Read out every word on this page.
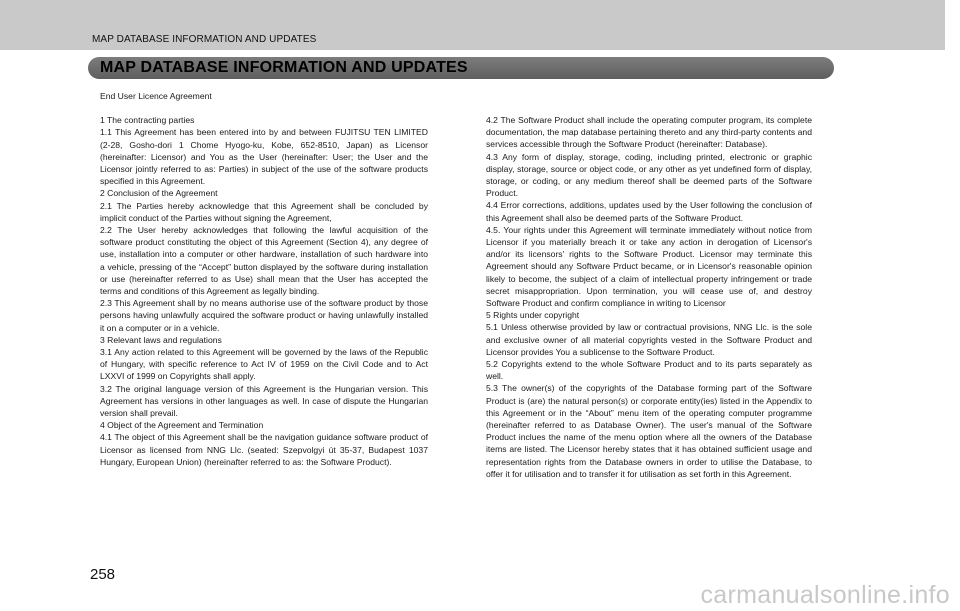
MAP DATABASE INFORMATION AND UPDATES
MAP DATABASE INFORMATION AND UPDATES

End User Licence Agreement

1 The contracting parties

1.1 This Agreement has been entered into by and between FUJITSU TEN LIMITED (2-28, Gosho-dori 1 Chome Hyogo-ku, Kobe, 652-8510, Japan) as Licensor (hereinafter: Licensor) and You as the User (hereinafter: User; the User and the Licensor jointly referred to as: Parties) in subject of the use of the software products specified in this Agreement.

2 Conclusion of the Agreement

2.1 The Parties hereby acknowledge that this Agreement shall be concluded by implicit conduct of the Parties without signing the Agreement,

2.2 The User hereby acknowledges that following the lawful acquisition of the software product constituting the object of this Agreement (Section 4), any degree of use, installation into a computer or other hardware, installation of such hardware into a vehicle, pressing of the “Accept” button displayed by the software during installation or use (hereinafter referred to as Use) shall mean that the User has accepted the terms and conditions of this Agreement as legally binding.

2.3 This Agreement shall by no means authorise use of the software product by those persons having unlawfully acquired the software product or having unlawfully installed it on a computer or in a vehicle.

3 Relevant laws and regulations

3.1 Any action related to this Agreement will be governed by the laws of the Republic of Hungary, with specific reference to Act IV of 1959 on the Civil Code and to Act LXXVI of 1999 on Copyrights shall apply.

3.2 The original language version of this Agreement is the Hungarian version. This Agreement has versions in other languages as well. In case of dispute the Hungarian version shall prevail.

4 Object of the Agreement and Termination

4.1 The object of this Agreement shall be the navigation guidance software product of Licensor as licensed from NNG Llc. (seated: Szepvolgyi út 35-37, Budapest 1037 Hungary, European Union) (hereinafter referred to as: the Software Product).

4.2 The Software Product shall include the operating computer program, its complete documentation, the map database pertaining thereto and any third-party contents and services accessible through the Software Product (hereinafter: Database).

4.3 Any form of display, storage, coding, including printed, electronic or graphic display, storage, source or object code, or any other as yet undefined form of display, storage, or coding, or any medium thereof shall be deemed parts of the Software Product.

4.4 Error corrections, additions, updates used by the User following the conclusion of this Agreement shall also be deemed parts of the Software Product.

4.5. Your rights under this Agreement will terminate immediately without notice from Licensor if you materially breach it or take any action in derogation of Licensor's and/or its licensors' rights to the Software Product. Licensor may terminate this Agreement should any Software Prduct became, or in Licensor's reasonable opinion likely to become, the subject of a claim of intellectual property infringement or trade secret misappropriation. Upon termination, you will cease use of, and destroy Software Product and confirm compliance in writing to Licensor

5 Rights under copyright

5.1 Unless otherwise provided by law or contractual provisions, NNG Llc. is the sole and exclusive owner of all material copyrights vested in the Software Product and Licensor provides You a sublicense to the Software Product.

5.2 Copyrights extend to the whole Software Product and to its parts separately as well.

5.3 The owner(s) of the copyrights of the Database forming part of the Software Product is (are) the natural person(s) or corporate entity(ies) listed in the Appendix to this Agreement or in the “About” menu item of the operating computer programme (hereinafter referred to as Database Owner). The user's manual of the Software Product inclues the name of the menu option where all the owners of the Database items are listed. The Licensor hereby states that it has obtained sufficient usage and representation rights from the Database owners in order to utilise the Database, to offer it for utilisation and to transfer it for utilisation as set forth in this Agreement.

258
carmanualsonline.info
